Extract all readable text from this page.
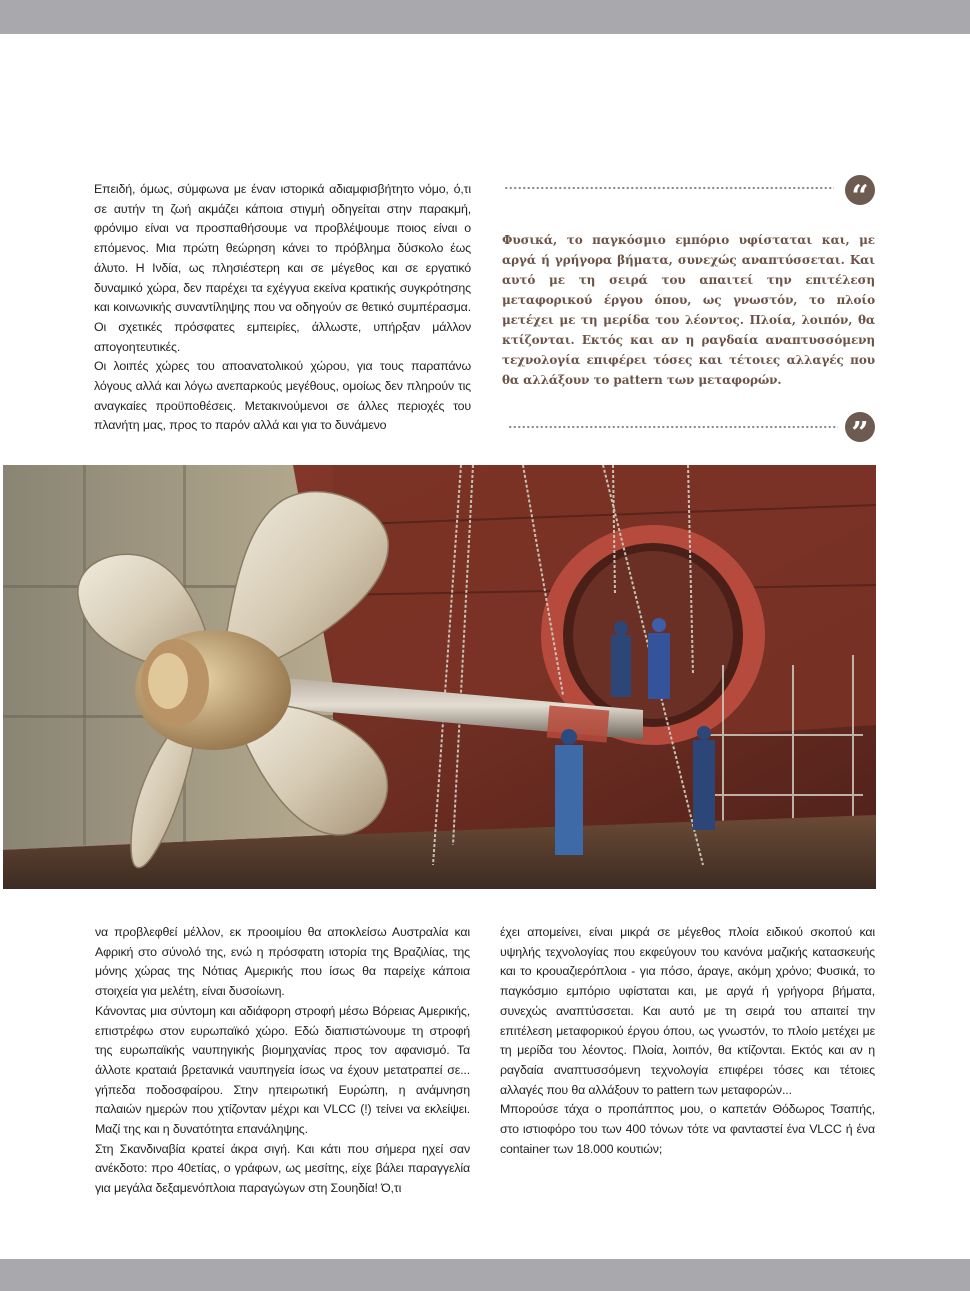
Επειδή, όμως, σύμφωνα με έναν ιστορικά αδιαμφισβήτητο νόμο, ό,τι σε αυτήν τη ζωή ακμάζει κάποια στιγμή οδηγείται στην παρακμή, φρόνιμο είναι να προσπαθήσουμε να προβλέψουμε ποιος είναι ο επόμενος. Μια πρώτη θεώρηση κάνει το πρόβλημα δύσκολο έως άλυτο. Η Ινδία, ως πλησιέστερη και σε μέγεθος και σε εργατικό δυναμικό χώρα, δεν παρέχει τα εχέγγυα εκείνα κρατικής συγκρότησης και κοινωνικής συναντίληψης που να οδηγούν σε θετικό συμπέρασμα. Οι σχετικές πρόσφατες εμπειρίες, άλλωστε, υπήρξαν μάλλον απογοητευτικές.
Οι λοιπές χώρες του αποανατολικού χώρου, για τους παραπάνω λόγους αλλά και λόγω ανεπαρκούς μεγέθους, ομοίως δεν πληρούν τις αναγκαίες προϋποθέσεις. Μετακινούμενοι σε άλλες περιοχές του πλανήτη μας, προς το παρόν αλλά και για το δυνάμενο
“
Φυσικά, το παγκόσμιο εμπόριο υφίσταται και, με αργά ή γρήγορα βήματα, συνεχώς αναπτύσσεται. Και αυτό με τη σειρά του απαιτεί την επιτέλεση μεταφορικού έργου όπου, ως γνωστόν, το πλοίο μετέχει με τη μερίδα του λέοντος. Πλοία, λοιπόν, θα κτίζονται. Εκτός και αν η ραγδαία αναπτυσσόμενη τεχνολογία επιφέρει τόσες και τέτοιες αλλαγές που θα αλλάξουν το pattern των μεταφορών.
”
να προβλεφθεί μέλλον, εκ προοιμίου θα αποκλείσω Αυστραλία και Αφρική στο σύνολό της, ενώ η πρόσφατη ιστορία της Βραζιλίας, της μόνης χώρας της Νότιας Αμερικής που ίσως θα παρείχε κάποια στοιχεία για μελέτη, είναι δυσοίωνη.
Κάνοντας μια σύντομη και αδιάφορη στροφή μέσω Βόρειας Αμερικής, επιστρέφω στον ευρωπαϊκό χώρο. Εδώ διαπιστώνουμε τη στροφή της ευρωπαϊκής ναυπηγικής βιομηχανίας προς τον αφανισμό. Τα άλλοτε κραταιά βρετανικά ναυπηγεία ίσως να έχουν μετατραπεί σε... γήπεδα ποδοσφαίρου. Στην ηπειρωτική Ευρώπη, η ανάμνηση παλαιών ημερών που χτίζονταν μέχρι και VLCC (!) τείνει να εκλείψει. Μαζί της και η δυνατότητα επανάληψης.
Στη Σκανδιναβία κρατεί άκρα σιγή. Και κάτι που σήμερα ηχεί σαν ανέκδοτο: προ 40ετίας, ο γράφων, ως μεσίτης, είχε βάλει παραγγελία για μεγάλα δεξαμενόπλοια παραγώγων στη Σουηδία! Ό,τι
έχει απομείνει, είναι μικρά σε μέγεθος πλοία ειδικού σκοπού και υψηλής τεχνολογίας που εκφεύγουν του κανόνα μαζικής κατασκευής και το κρουαζιερόπλοια - για πόσο, άραγε, ακόμη χρόνο; Φυσικά, το παγκόσμιο εμπόριο υφίσταται και, με αργά ή γρήγορα βήματα, συνεχώς αναπτύσσεται. Και αυτό με τη σειρά του απαιτεί την επιτέλεση μεταφορικού έργου όπου, ως γνωστόν, το πλοίο μετέχει με τη μερίδα του λέοντος. Πλοία, λοιπόν, θα κτίζονται. Εκτός και αν η ραγδαία αναπτυσσόμενη τεχνολογία επιφέρει τόσες και τέτοιες αλλαγές που θα αλλάξουν το pattern των μεταφορών...
Μπορούσε τάχα ο προπάππος μου, ο καπετάν Θόδωρος Τσαπής, στο ιστιοφόρο του των 400 τόνων τότε να φανταστεί ένα VLCC ή ένα container των 18.000 κουτιών;
